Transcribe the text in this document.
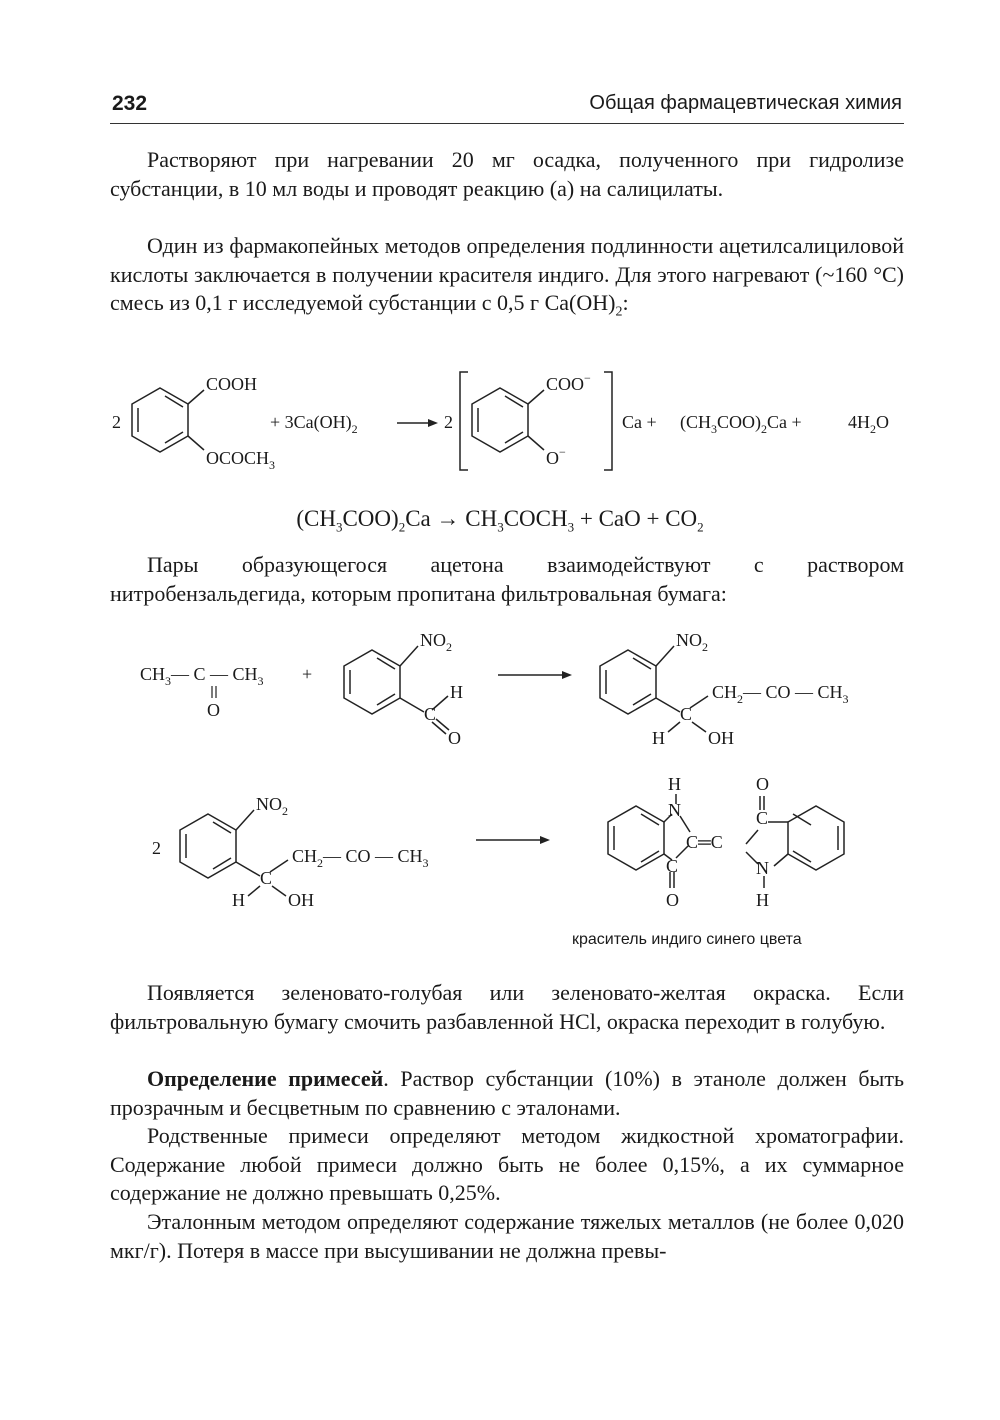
232	Общая фармацевтическая химия

Растворяют при нагревании 20 мг осадка, полученного при гидролизе субстанции, в 10 мл воды и проводят реакцию (а) на салицилаты.

Один из фармакопейных методов определения подлинности ацетилсалициловой кислоты заключается в получении красителя индиго. Для этого нагревают (~160 °С) смесь из 0,1 г исследуемой субстанции с 0,5 г $Ca(OH)_2$:

2
COOH
$OCOCH_3$
+ $3Ca(OH)_2$	2
COO−
O−
$Ca + (CH_3COO)_2Ca$ +	$4H_2O$
$(CH_3COO)_2Ca$ → $CH_3COCH_3$ + CaO + $CO_2$

Пары образующегося ацетона взаимодействуют с раствором нитробензальдегида, которым пропитана фильтровальная бумага:

$CH_3—$ C — $CH_3$
O
+
$NO_2$
H
C
O
$NO_2$
C
$CH_2—$ CO — $CH_3$
H OH
2
$NO_2$
C
$CH_2—$ CO — $CH_3$
H OH
H
N
C═C
C
O
O
C
N
H
краситель индиго синего цвета

Появляется зеленовато-голубая или зеленовато-желтая окраска. Если фильтровальную бумагу смочить разбавленной HCl, окраска переходит в голубую.

Определение примесей. Раствор субстанции (10%) в этаноле должен быть прозрачным и бесцветным по сравнению с эталонами.

Родственные примеси определяют методом жидкостной хроматографии. Содержание любой примеси должно быть не более 0,15%, а их суммарное содержание не должно превышать 0,25%.

Эталонным методом определяют содержание тяжелых металлов (не более 0,020 мкг/г). Потеря в массе при высушивании не должна превы-
